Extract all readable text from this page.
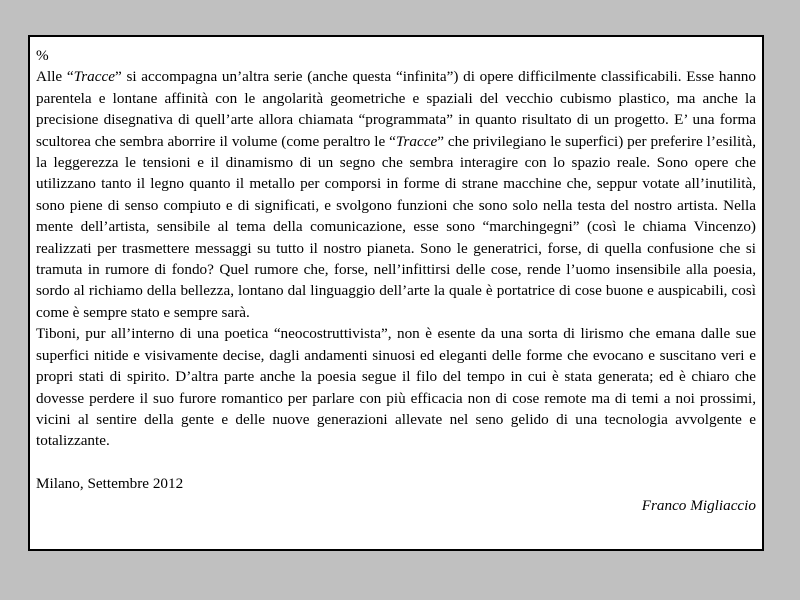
%

Alle “Tracce” si accompagna un’altra serie (anche questa “infinita”) di opere difficilmente classificabili. Esse hanno parentela e lontane affinità con le angolarità geometriche e spaziali del vecchio cubismo plastico, ma anche la precisione disegnativa di quell’arte allora chiamata “programmata” in quanto risultato di un progetto. E’ una forma scultorea che sembra aborrire il volume (come peraltro le “Tracce” che privilegiano le superfici) per preferire l’esilità, la leggerezza le tensioni e il dinamismo di un segno che sembra interagire con lo spazio reale. Sono opere che utilizzano tanto il legno quanto il metallo per comporsi in forme di strane macchine che, seppur votate all’inutilità, sono piene di senso compiuto e di significati, e svolgono funzioni che sono solo nella testa del nostro artista. Nella mente dell’artista, sensibile al tema della comunicazione, esse sono “marchingegni” (così le chiama Vincenzo) realizzati per trasmettere messaggi su tutto il nostro pianeta. Sono le generatrici, forse, di quella confusione che si tramuta in rumore di fondo? Quel rumore che, forse, nell’infittirsi delle cose, rende l’uomo insensibile alla poesia, sordo al richiamo della bellezza, lontano dal linguaggio dell’arte la quale è portatrice di cose buone e auspicabili, così come è sempre stato e sempre sarà.

Tiboni, pur all’interno di una poetica “neocostruttivista”, non è esente da una sorta di lirismo che emana dalle sue superfici nitide e visivamente decise, dagli andamenti sinuosi ed eleganti delle forme che evocano e suscitano veri e propri stati di spirito. D’altra parte anche la poesia segue il filo del tempo in cui è stata generata; ed è chiaro che dovesse perdere il suo furore romantico per parlare con più efficacia non di cose remote ma di temi a noi prossimi, vicini al sentire della gente e delle nuove generazioni allevate nel seno gelido di una tecnologia avvolgente e totalizzante.

Milano, Settembre 2012

Franco Migliaccio
